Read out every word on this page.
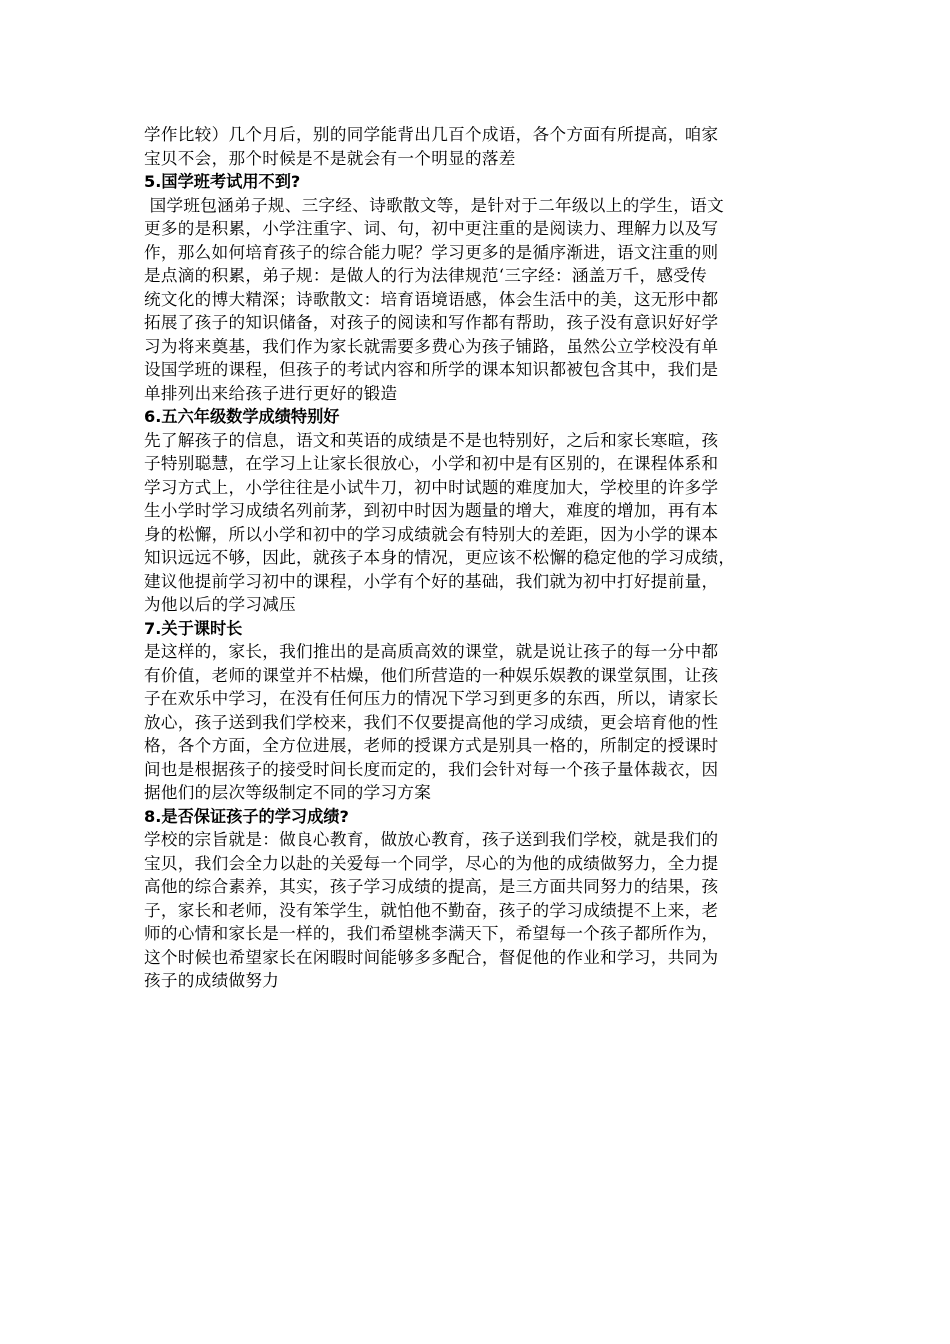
学作比较）几个月后，别的同学能背出几百个成语，各个方面有所提高，咱家
宝贝不会，那个时候是不是就会有一个明显的落差
5.国学班考试用不到?
国学班包涵弟子规、三字经、诗歌散文等，是针对于二年级以上的学生，语文
更多的是积累，小学注重字、词、句，初中更注重的是阅读力、理解力以及写
作，那么如何培育孩子的综合能力呢？学习更多的是循序渐进，语文注重的则
是点滴的积累，弟子规：是做人的行为法律规范‘三字经：涵盖万千，感受传
统文化的博大精深；诗歌散文：培育语境语感，体会生活中的美，这无形中都
拓展了孩子的知识储备，对孩子的阅读和写作都有帮助，孩子没有意识好好学
习为将来奠基，我们作为家长就需要多费心为孩子铺路，虽然公立学校没有单
设国学班的课程，但孩子的考试内容和所学的课本知识都被包含其中，我们是
单排列出来给孩子进行更好的锻造
6.五六年级数学成绩特别好
先了解孩子的信息，语文和英语的成绩是不是也特别好，之后和家长寒暄，孩
子特别聪慧，在学习上让家长很放心，小学和初中是有区别的，在课程体系和
学习方式上，小学往往是小试牛刀，初中时试题的难度加大，学校里的许多学
生小学时学习成绩名列前茅，到初中时因为题量的增大，难度的增加，再有本
身的松懈，所以小学和初中的学习成绩就会有特别大的差距，因为小学的课本
知识远远不够，因此，就孩子本身的情况，更应该不松懈的稳定他的学习成绩，
建议他提前学习初中的课程，小学有个好的基础，我们就为初中打好提前量，
为他以后的学习减压
7.关于课时长
是这样的，家长，我们推出的是高质高效的课堂，就是说让孩子的每一分中都
有价值，老师的课堂并不枯燥，他们所营造的一种娱乐娱教的课堂氛围，让孩
子在欢乐中学习，在没有任何压力的情况下学习到更多的东西，所以，请家长
放心，孩子送到我们学校来，我们不仅要提高他的学习成绩，更会培育他的性
格，各个方面，全方位进展，老师的授课方式是别具一格的，所制定的授课时
间也是根据孩子的接受时间长度而定的，我们会针对每一个孩子量体裁衣，因
据他们的层次等级制定不同的学习方案
8.是否保证孩子的学习成绩?
学校的宗旨就是：做良心教育，做放心教育，孩子送到我们学校，就是我们的
宝贝，我们会全力以赴的关爱每一个同学，尽心的为他的成绩做努力，全力提
高他的综合素养，其实，孩子学习成绩的提高，是三方面共同努力的结果，孩
子，家长和老师，没有笨学生，就怕他不勤奋，孩子的学习成绩提不上来，老
师的心情和家长是一样的，我们希望桃李满天下，希望每一个孩子都所作为，
这个时候也希望家长在闲暇时间能够多多配合，督促他的作业和学习，共同为
孩子的成绩做努力
